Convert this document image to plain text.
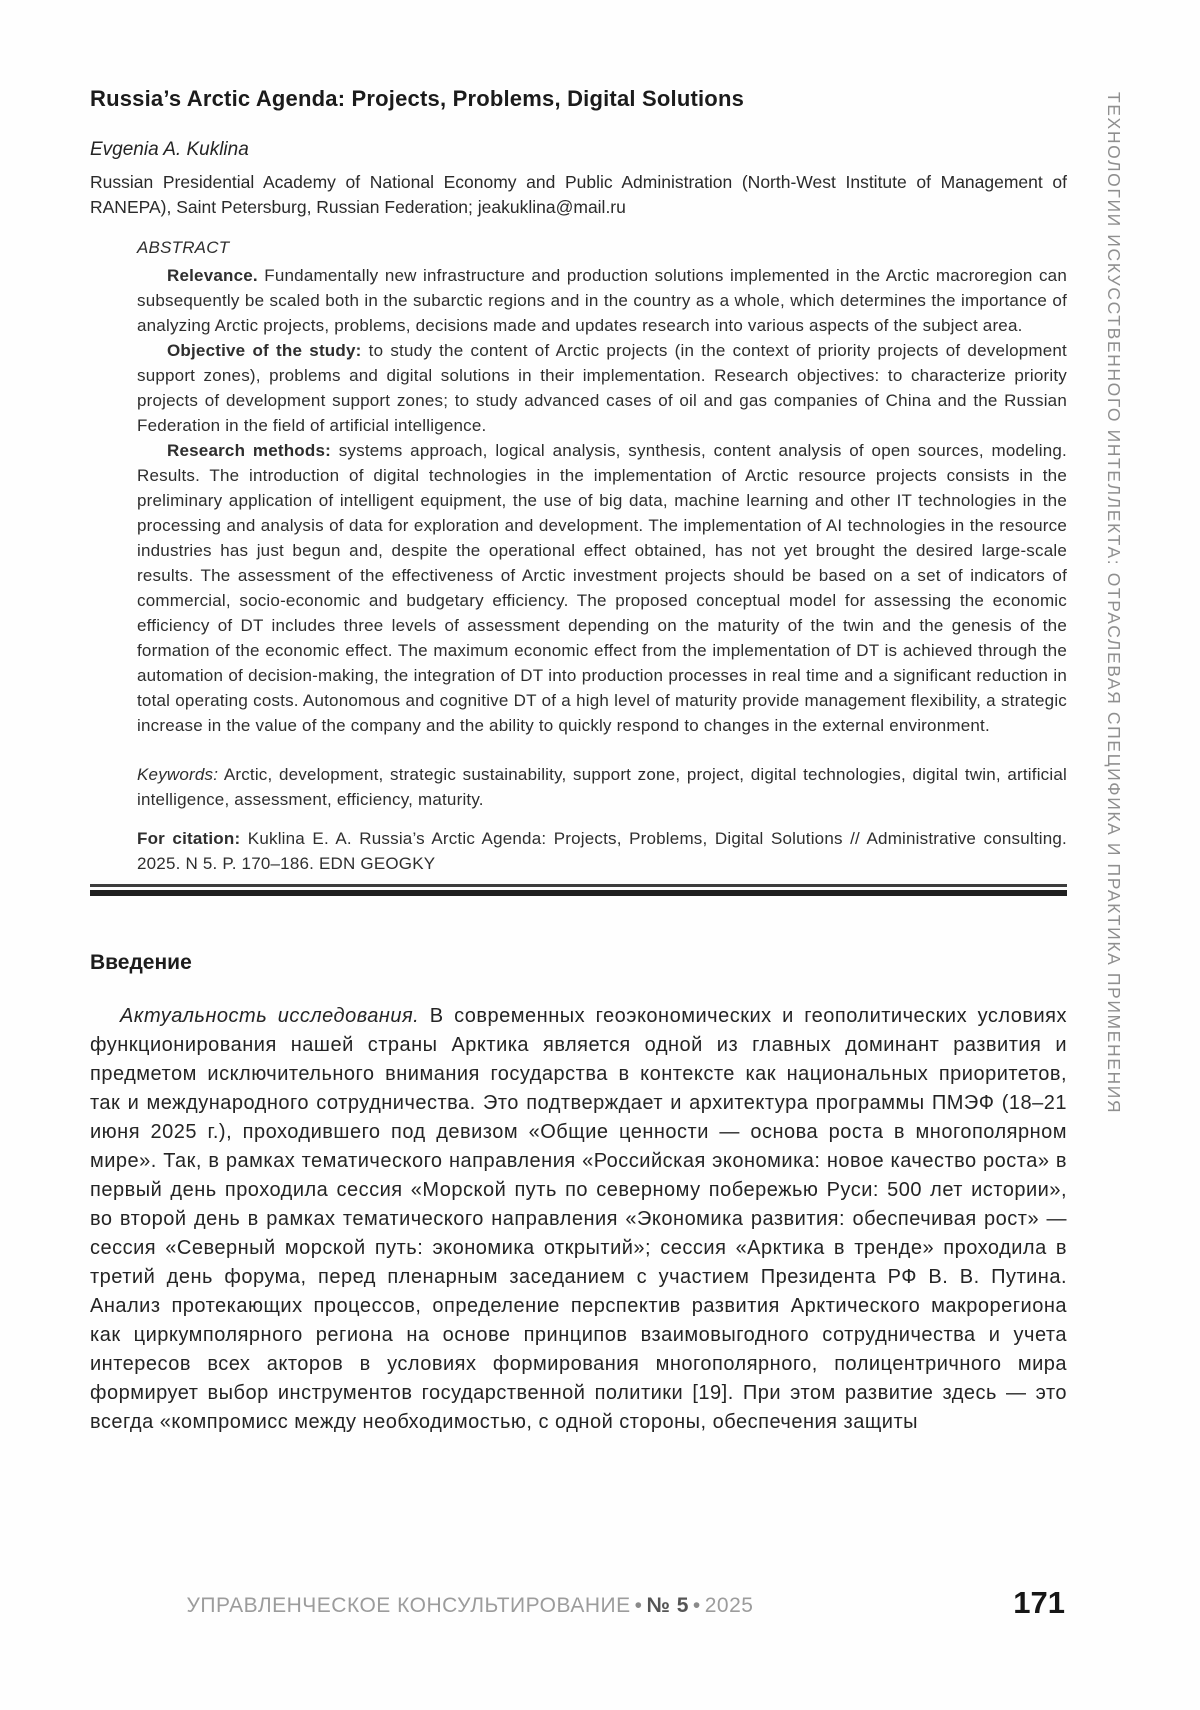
Russia’s Arctic Agenda: Projects, Problems, Digital Solutions
Evgenia A. Kuklina

Russian Presidential Academy of National Economy and Public Administration (North-West Institute of Management of RANEPA), Saint Petersburg, Russian Federation; jeakuklina@mail.ru

ABSTRACT

Relevance. Fundamentally new infrastructure and production solutions implemented in the Arctic macroregion can subsequently be scaled both in the subarctic regions and in the country as a whole, which determines the importance of analyzing Arctic projects, problems, decisions made and updates research into various aspects of the subject area.

Objective of the study: to study the content of Arctic projects (in the context of priority projects of development support zones), problems and digital solutions in their implementation. Research objectives: to characterize priority projects of development support zones; to study advanced cases of oil and gas companies of China and the Russian Federation in the field of artificial intelligence.

Research methods: systems approach, logical analysis, synthesis, content analysis of open sources, modeling. Results. The introduction of digital technologies in the implementation of Arctic resource projects consists in the preliminary application of intelligent equipment, the use of big data, machine learning and other IT technologies in the processing and analysis of data for exploration and development. The implementation of AI technologies in the resource industries has just begun and, despite the operational effect obtained, has not yet brought the desired large-scale results. The assessment of the effectiveness of Arctic investment projects should be based on a set of indicators of commercial, socio-economic and budgetary efficiency. The proposed conceptual model for assessing the economic efficiency of DT includes three levels of assessment depending on the maturity of the twin and the genesis of the formation of the economic effect. The maximum economic effect from the implementation of DT is achieved through the automation of decision-making, the integration of DT into production processes in real time and a significant reduction in total operating costs. Autonomous and cognitive DT of a high level of maturity provide management flexibility, a strategic increase in the value of the company and the ability to quickly respond to changes in the external environment.

Keywords: Arctic, development, strategic sustainability, support zone, project, digital technologies, digital twin, artificial intelligence, assessment, efficiency, maturity.

For citation: Kuklina E. A. Russia’s Arctic Agenda: Projects, Problems, Digital Solutions // Administrative consulting. 2025. N 5. P. 170–186. EDN GEOGKY

Введение

Актуальность исследования. В современных геоэкономических и геополитических условиях функционирования нашей страны Арктика является одной из главных доминант развития и предметом исключительного внимания государства в контексте как национальных приоритетов, так и международного сотрудничества. Это подтверждает и архитектура программы ПМЭФ (18–21 июня 2025 г.), проходившего под девизом «Общие ценности — основа роста в многополярном мире». Так, в рамках тематического направления «Российская экономика: новое качество роста» в первый день проходила сессия «Морской путь по северному побережью Руси: 500 лет истории», во второй день в рамках тематического направления «Экономика развития: обеспечивая рост» — сессия «Северный морской путь: экономика открытий»; сессия «Арктика в тренде» проходила в третий день форума, перед пленарным заседанием с участием Президента РФ В. В. Путина. Анализ протекающих процессов, определение перспектив развития Арктического макрорегиона как циркумполярного региона на основе принципов взаимовыгодного сотрудничества и учета интересов всех акторов в условиях формирования многополярного, полицентричного мира формирует выбор инструментов государственной политики [19]. При этом развитие здесь — это всегда «компромисс между необходимостью, с одной стороны, обеспечения защиты

ТЕХНОЛОГИИ ИСКУССТВЕННОГО ИНТЕЛЛЕКТА: ОТРАСЛЕВАЯ СПЕЦИФИКА И ПРАКТИКА ПРИМЕНЕНИЯ
УПРАВЛЕНЧЕСКОЕ КОНСУЛЬТИРОВАНИЕ • № 5 • 2025	171
